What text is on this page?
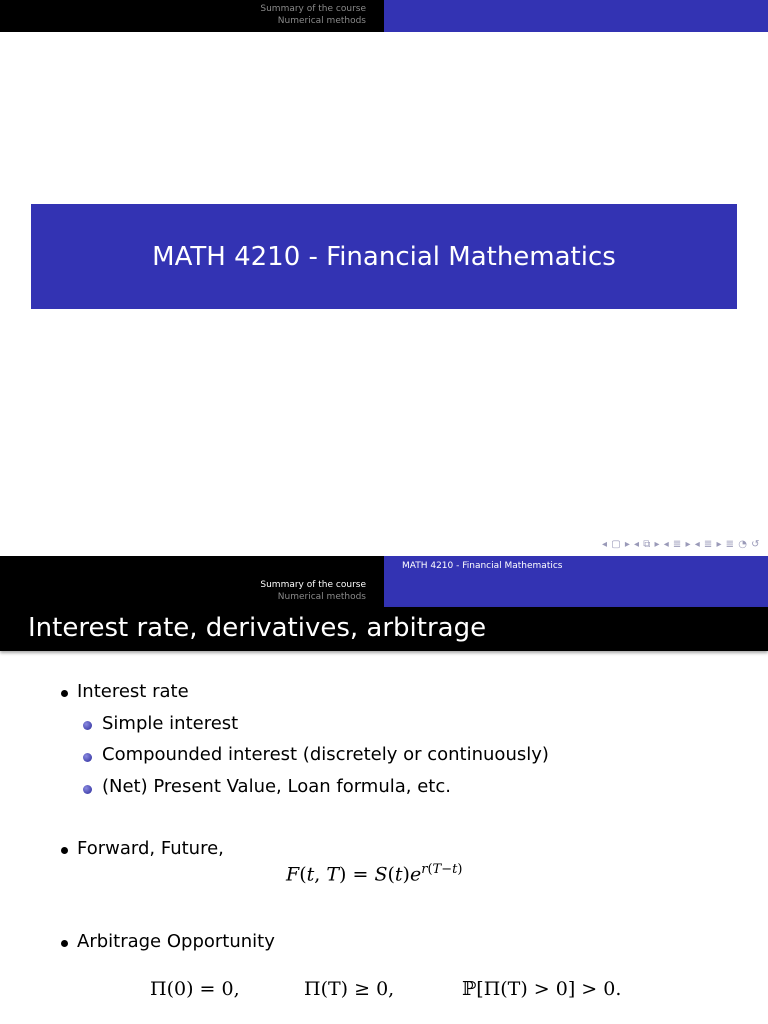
Summary of the course
Numerical methods
MATH 4210 - Financial Mathematics
◂ ▢ ▸ ◂ ⧉ ▸ ◂ ≣ ▸ ◂ ≣ ▸ ≣ ◔ ↺
MATH 4210 - Financial Mathematics
Summary of the course
Numerical methods
Interest rate, derivatives, arbitrage
Interest rate
Simple interest
Compounded interest (discretely or continuously)
(Net) Present Value, Loan formula, etc.
Forward, Future,
F(t, $T) = S(t)e^{r(T-t)}$
Arbitrage Opportunity
Π(0) = 0,	Π(T) ≥ 0,	ℙ[Π(T) > 0] > 0.
